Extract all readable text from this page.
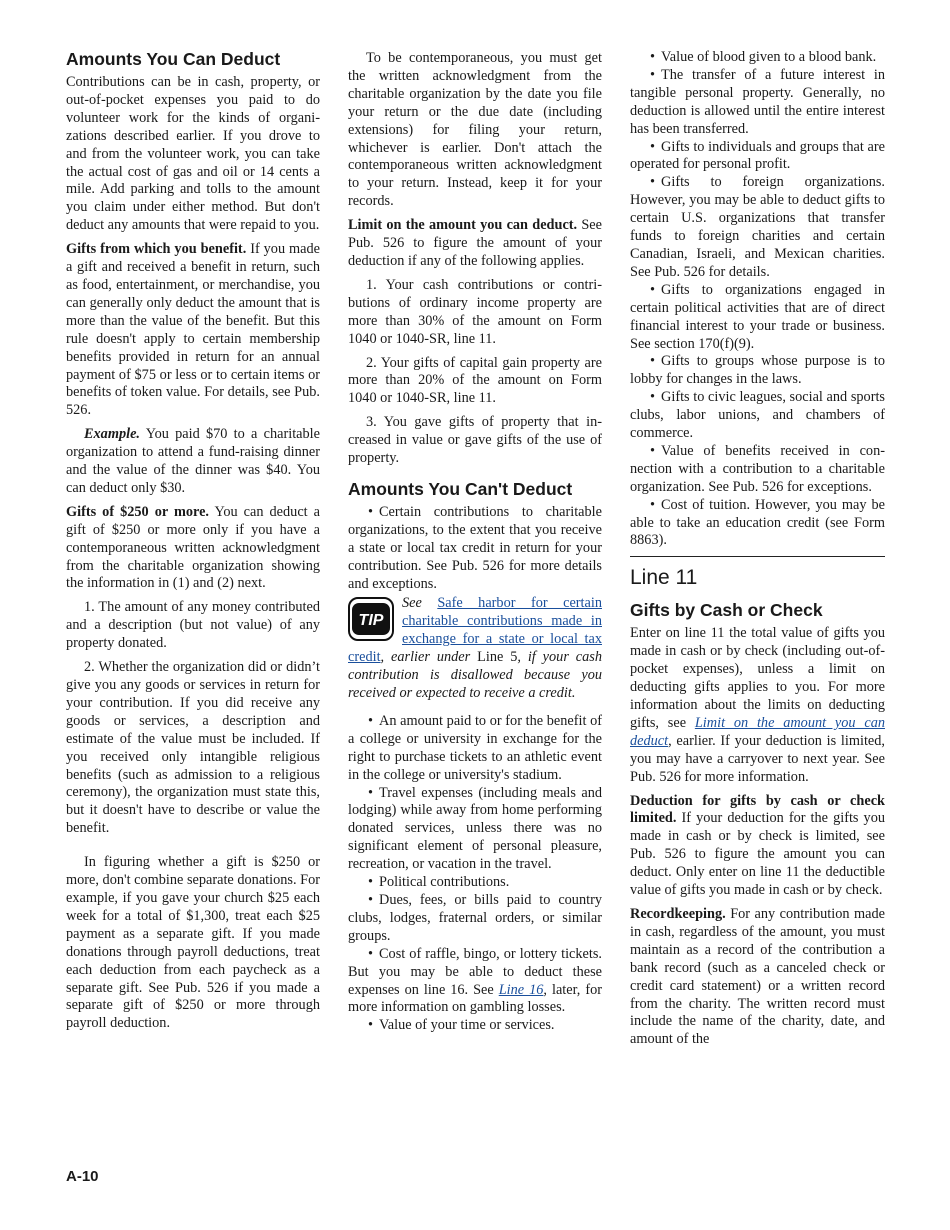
Amounts You Can Deduct

Contributions can be in cash, property, or out-of-pocket expenses you paid to do volunteer work for the kinds of organizations described earlier. If you drove to and from the volunteer work, you can take the actual cost of gas and oil or 14 cents a mile. Add parking and tolls to the amount you claim under either method. But don't deduct any amounts that were repaid to you.

Gifts from which you benefit. If you made a gift and received a benefit in return, such as food, entertainment, or merchandise, you can generally only deduct the amount that is more than the value of the benefit. But this rule doesn't apply to certain membership benefits provided in return for an annual payment of $75 or less or to certain items or benefits of token value. For details, see Pub. 526.

Example. You paid $70 to a charitable organization to attend a fund-raising dinner and the value of the dinner was $40. You can deduct only $30.

Gifts of $250 or more. You can deduct a gift of $250 or more only if you have a contemporaneous written acknowledgment from the charitable organization showing the information in (1) and (2) next.

1. The amount of any money contributed and a description (but not value) of any property donated.

2. Whether the organization did or didn’t give you any goods or services in return for your contribution. If you did receive any goods or services, a description and estimate of the value must be included. If you received only intangible religious benefits (such as admission to a religious ceremony), the organization must state this, but it doesn't have to describe or value the benefit.

In figuring whether a gift is $250 or more, don't combine separate donations. For example, if you gave your church $25 each week for a total of $1,300, treat each $25 payment as a separate gift. If you made donations through payroll deductions, treat each deduction from each paycheck as a separate gift. See Pub. 526 if you made a separate gift of $250 or more through payroll deduction.

To be contemporaneous, you must get the written acknowledgment from the charitable organization by the date you file your return or the due date (including extensions) for filing your return, whichever is earlier. Don't attach the contemporaneous written acknowledgment to your return. Instead, keep it for your records.

Limit on the amount you can deduct. See Pub. 526 to figure the amount of your deduction if any of the following applies.

1. Your cash contributions or contributions of ordinary income property are more than 30% of the amount on Form 1040 or 1040-SR, line 11.

2. Your gifts of capital gain property are more than 20% of the amount on Form 1040 or 1040-SR, line 11.

3. You gave gifts of property that increased in value or gave gifts of the use of property.

Amounts You Can't Deduct

• Certain contributions to charitable organizations, to the extent that you receive a state or local tax credit in return for your contribution. See Pub. 526 for more details and exceptions.

TIP
See Safe harbor for certain charitable contributions made in exchange for a state or local tax credit, earlier under Line 5, if your cash contribution is disallowed because you received or expected to receive a credit.

• An amount paid to or for the benefit of a college or university in exchange for the right to purchase tickets to an athletic event in the college or university's stadium.

• Travel expenses (including meals and lodging) while away from home performing donated services, unless there was no significant element of personal pleasure, recreation, or vacation in the travel.

• Political contributions.

• Dues, fees, or bills paid to country clubs, lodges, fraternal orders, or similar groups.

• Cost of raffle, bingo, or lottery tickets. But you may be able to deduct these expenses on line 16. See Line 16, later, for more information on gambling losses.

• Value of your time or services.

• Value of blood given to a blood bank.

• The transfer of a future interest in tangible personal property. Generally, no deduction is allowed until the entire interest has been transferred.

• Gifts to individuals and groups that are operated for personal profit.

• Gifts to foreign organizations. However, you may be able to deduct gifts to certain U.S. organizations that transfer funds to foreign charities and certain Canadian, Israeli, and Mexican charities. See Pub. 526 for details.

• Gifts to organizations engaged in certain political activities that are of direct financial interest to your trade or business. See section 170(f)(9).

• Gifts to groups whose purpose is to lobby for changes in the laws.

• Gifts to civic leagues, social and sports clubs, labor unions, and chambers of commerce.

• Value of benefits received in connection with a contribution to a charitable organization. See Pub. 526 for exceptions.

• Cost of tuition. However, you may be able to take an education credit (see Form 8863).

Line 11
Gifts by Cash or Check

Enter on line 11 the total value of gifts you made in cash or by check (including out-of-pocket expenses), unless a limit on deducting gifts applies to you. For more information about the limits on deducting gifts, see Limit on the amount you can deduct, earlier. If your deduction is limited, you may have a carryover to next year. See Pub. 526 for more information.

Deduction for gifts by cash or check limited. If your deduction for the gifts you made in cash or by check is limited, see Pub. 526 to figure the amount you can deduct. Only enter on line 11 the deductible value of gifts you made in cash or by check.

Recordkeeping. For any contribution made in cash, regardless of the amount, you must maintain as a record of the contribution a bank record (such as a canceled check or credit card statement) or a written record from the charity. The written record must include the name of the charity, date, and amount of the

A-10
